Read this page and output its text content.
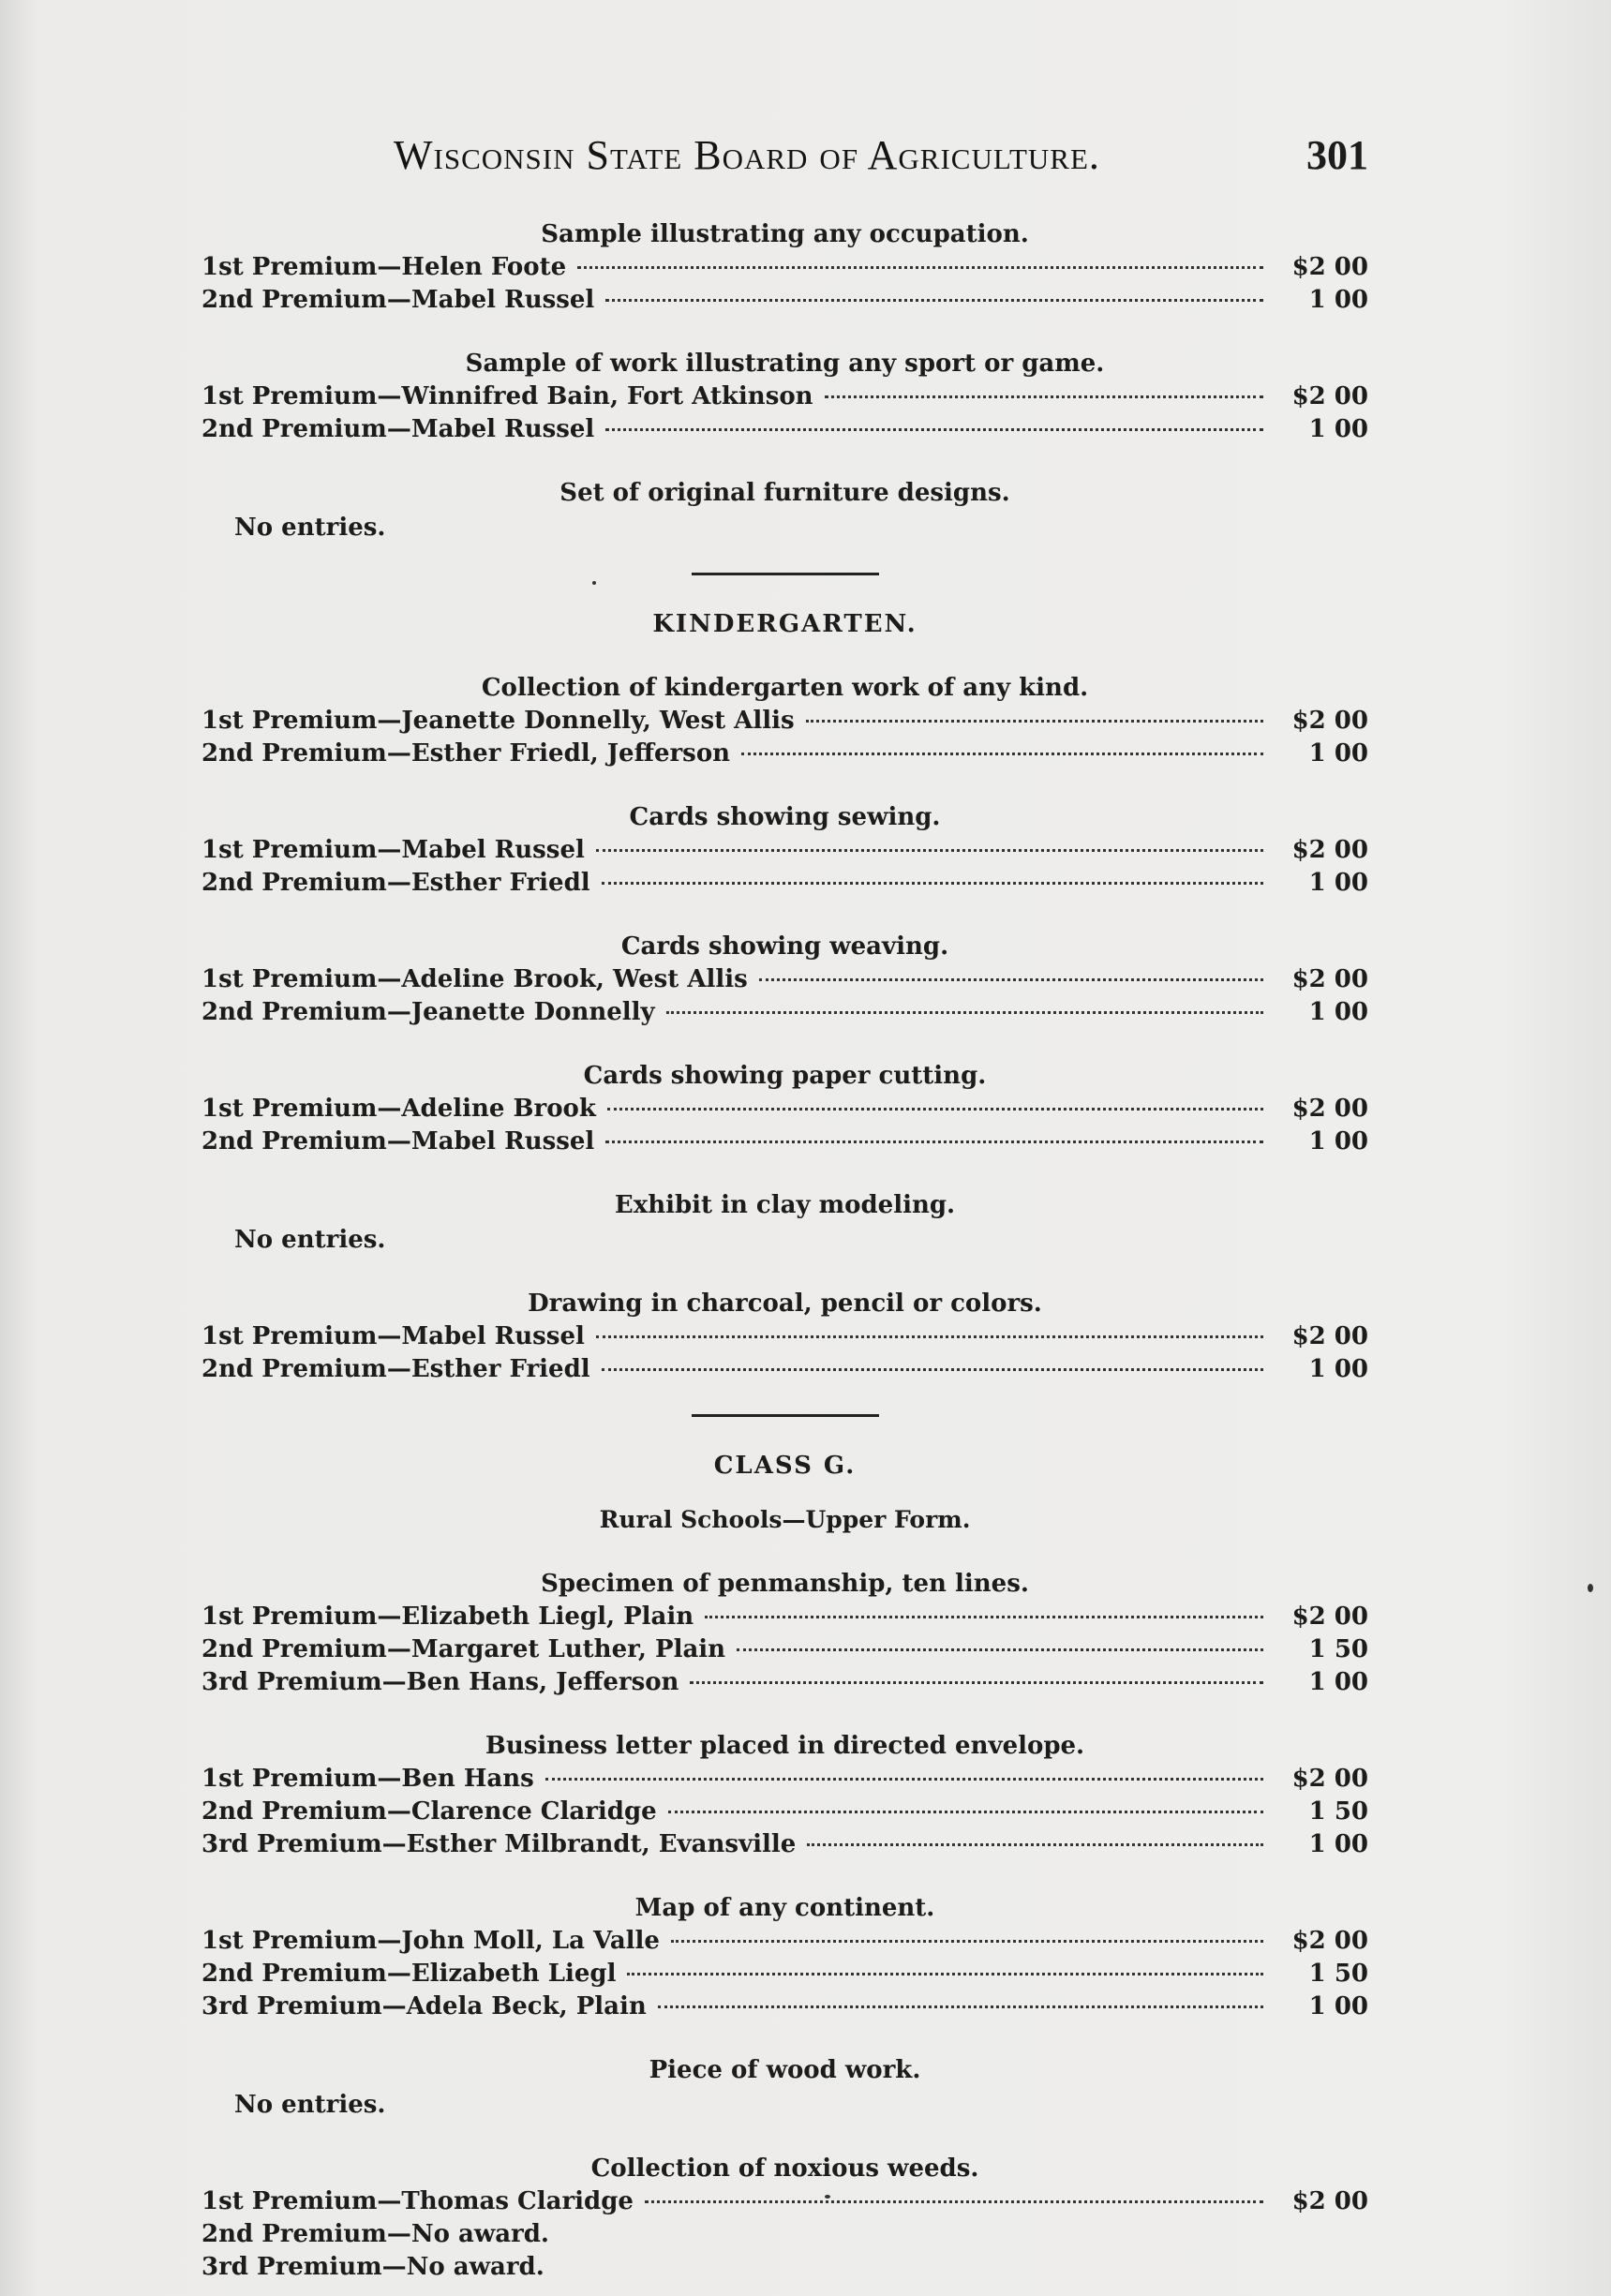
Wisconsin State Board of Agriculture.	301
Sample illustrating any occupation.
1st Premium—Helen Foote	$2 00
2nd Premium—Mabel Russel	1 00
Sample of work illustrating any sport or game.
1st Premium—Winnifred Bain, Fort Atkinson	$2 00
2nd Premium—Mabel Russel	1 00
Set of original furniture designs.
No entries.
KINDERGARTEN.
Collection of kindergarten work of any kind.
1st Premium—Jeanette Donnelly, West Allis	$2 00
2nd Premium—Esther Friedl, Jefferson	1 00
Cards showing sewing.
1st Premium—Mabel Russel	$2 00
2nd Premium—Esther Friedl	1 00
Cards showing weaving.
1st Premium—Adeline Brook, West Allis	$2 00
2nd Premium—Jeanette Donnelly	1 00
Cards showing paper cutting.
1st Premium—Adeline Brook	$2 00
2nd Premium—Mabel Russel	1 00
Exhibit in clay modeling.
No entries.
Drawing in charcoal, pencil or colors.
1st Premium—Mabel Russel	$2 00
2nd Premium—Esther Friedl	1 00
CLASS G.
Rural Schools—Upper Form.
Specimen of penmanship, ten lines.
1st Premium—Elizabeth Liegl, Plain	$2 00
2nd Premium—Margaret Luther, Plain	1 50
3rd Premium—Ben Hans, Jefferson	1 00
Business letter placed in directed envelope.
1st Premium—Ben Hans	$2 00
2nd Premium—Clarence Claridge	1 50
3rd Premium—Esther Milbrandt, Evansville	1 00
Map of any continent.
1st Premium—John Moll, La Valle	$2 00
2nd Premium—Elizabeth Liegl	1 50
3rd Premium—Adela Beck, Plain	1 00
Piece of wood work.
No entries.
Collection of noxious weeds.
1st Premium—Thomas Claridge	$2 00
2nd Premium—No award.
3rd Premium—No award.
